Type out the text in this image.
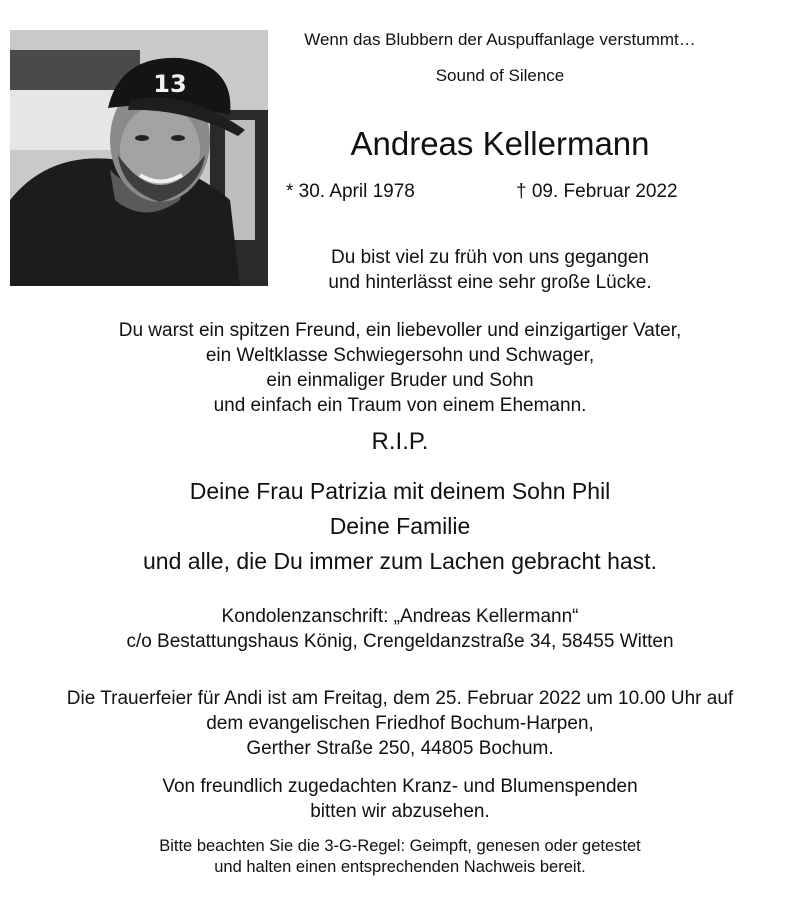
13
Wenn das Blubbern der Auspuffanlage verstummt…
Sound of Silence
Andreas Kellermann
* 30. April 1978	† 09. Februar 2022
Du bist viel zu früh von uns gegangen
und hinterlässt eine sehr große Lücke.
Du warst ein spitzen Freund, ein liebevoller und einzigartiger Vater,
ein Weltklasse Schwiegersohn und Schwager,
ein einmaliger Bruder und Sohn
und einfach ein Traum von einem Ehemann.
R.I.P.
Deine Frau Patrizia mit deinem Sohn Phil
Deine Familie
und alle, die Du immer zum Lachen gebracht hast.
Kondolenzanschrift: „Andreas Kellermann“
c/o Bestattungshaus König, Crengeldanzstraße 34, 58455 Witten
Die Trauerfeier für Andi ist am Freitag, dem 25. Februar 2022 um 10.00 Uhr auf
dem evangelischen Friedhof Bochum-Harpen,
Gerther Straße 250, 44805 Bochum.
Von freundlich zugedachten Kranz- und Blumenspenden
bitten wir abzusehen.
Bitte beachten Sie die 3-G-Regel: Geimpft, genesen oder getestet
und halten einen entsprechenden Nachweis bereit.
